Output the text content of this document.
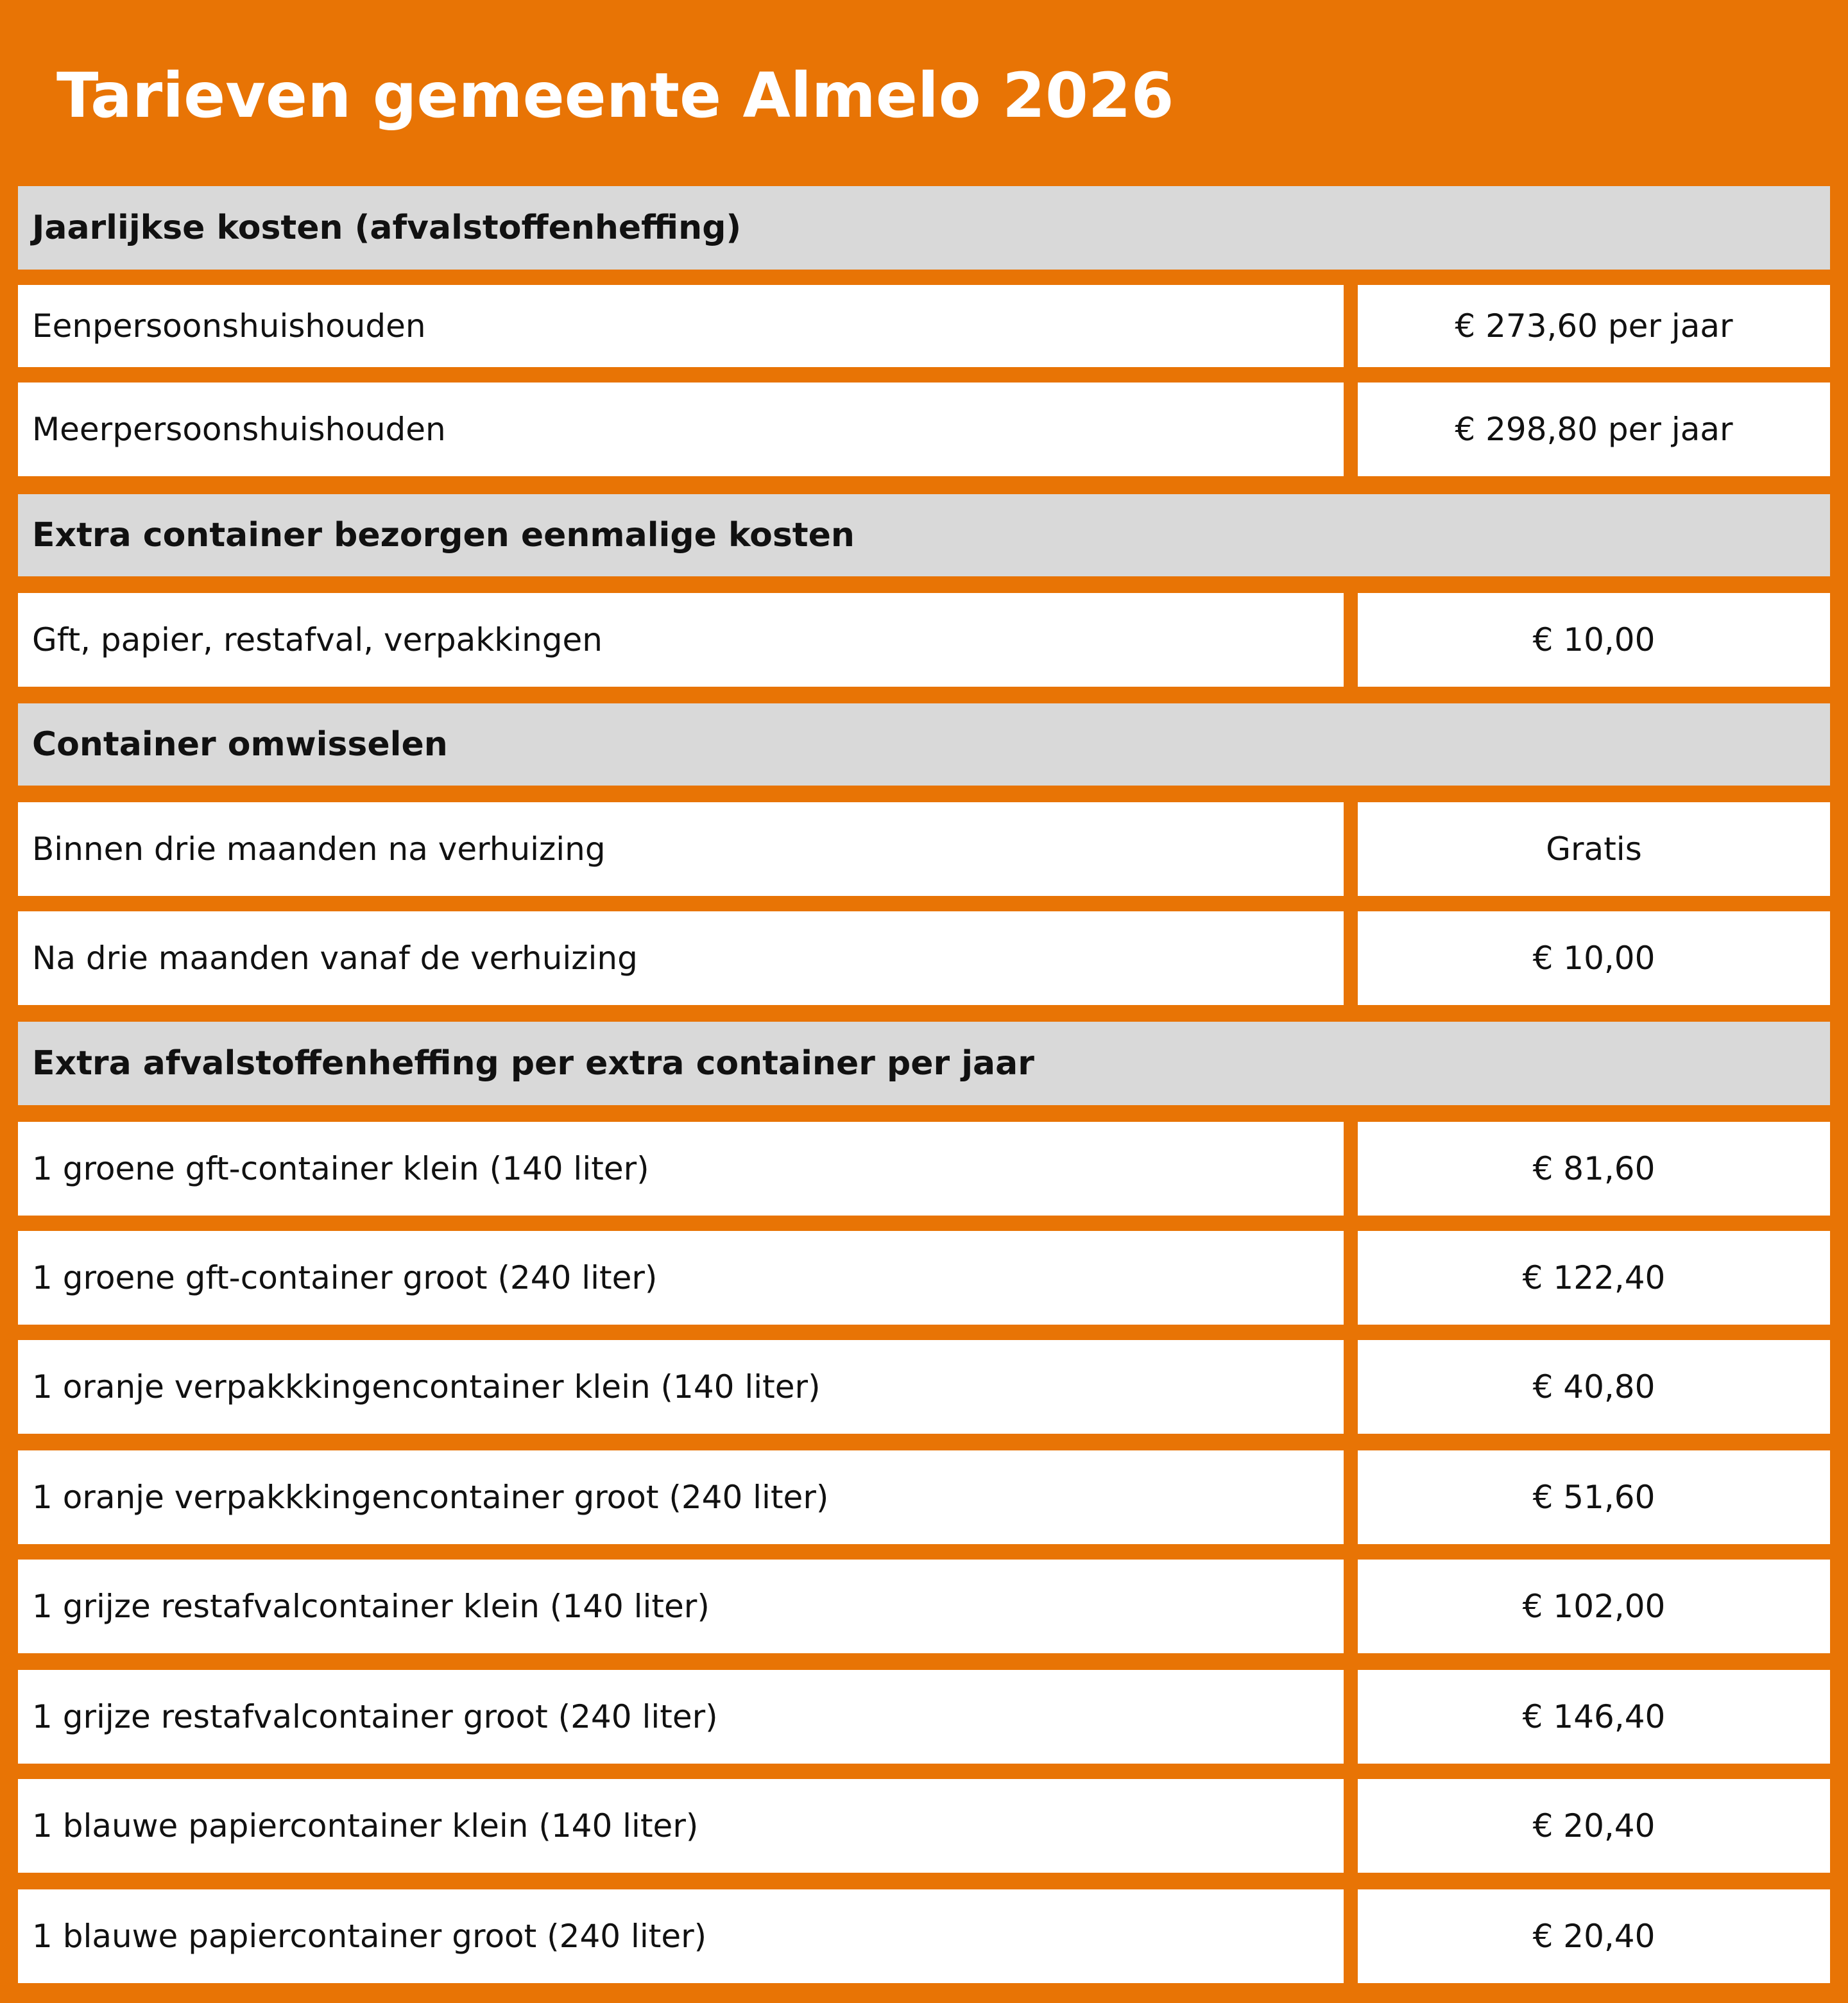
Tarieven gemeente Almelo 2026
Jaarlijkse kosten (afvalstoffenheffing)
Eenpersoonshuishouden	€ 273,60 per jaar
Meerpersoonshuishouden	€ 298,80 per jaar
Extra container bezorgen eenmalige kosten
Gft, papier, restafval, verpakkingen	€ 10,00
Container omwisselen
Binnen drie maanden na verhuizing	Gratis
Na drie maanden vanaf de verhuizing	€ 10,00
Extra afvalstoffenheffing per extra container per jaar
1 groene gft-container klein (140 liter)	€ 81,60
1 groene gft-container groot (240 liter)	€ 122,40
1 oranje verpakkkingencontainer klein (140 liter)	€ 40,80
1 oranje verpakkkingencontainer groot (240 liter)	€ 51,60
1 grijze restafvalcontainer klein (140 liter)	€ 102,00
1 grijze restafvalcontainer groot (240 liter)	€ 146,40
1 blauwe papiercontainer klein (140 liter)	€ 20,40
1 blauwe papiercontainer groot (240 liter)	€ 20,40
